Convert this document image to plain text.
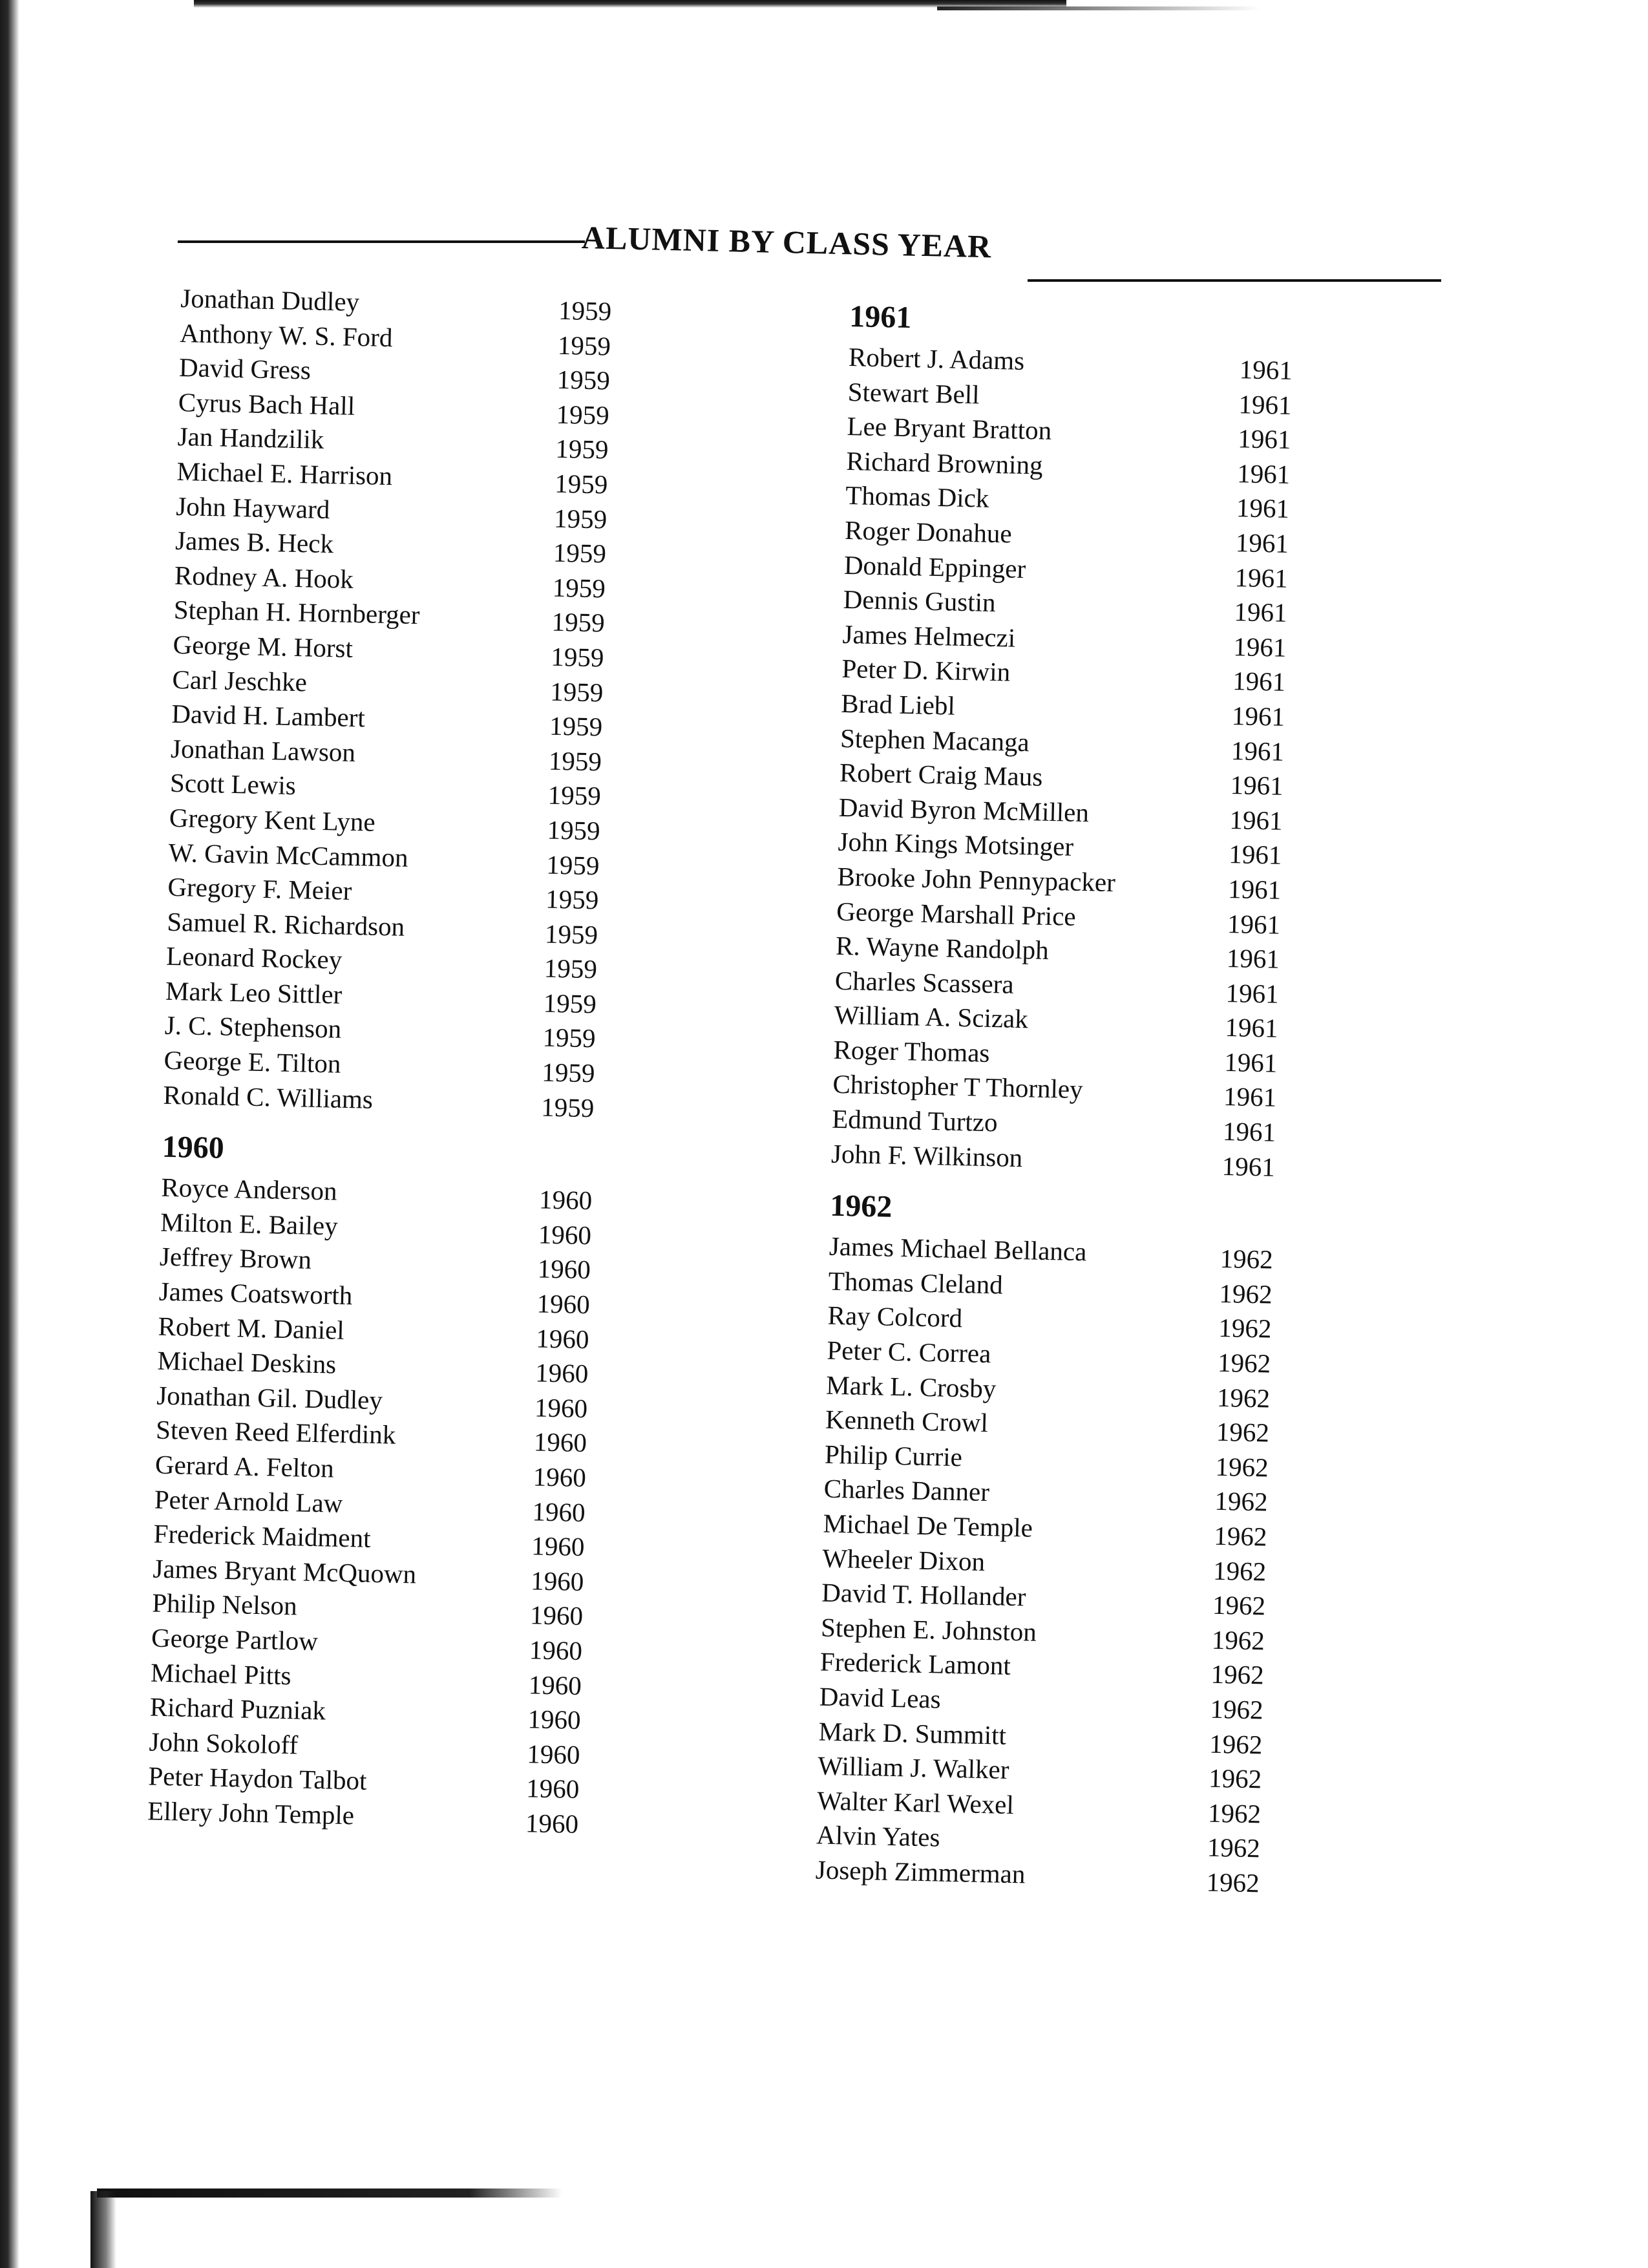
ALUMNI BY CLASS YEAR
Jonathan Dudley	1959
Anthony W. S. Ford	1959
David Gress	1959
Cyrus Bach Hall	1959
Jan Handzilik	1959
Michael E. Harrison	1959
John Hayward	1959
James B. Heck	1959
Rodney A. Hook	1959
Stephan H. Hornberger	1959
George M. Horst	1959
Carl Jeschke	1959
David H. Lambert	1959
Jonathan Lawson	1959
Scott Lewis	1959
Gregory Kent Lyne	1959
W. Gavin McCammon	1959
Gregory F. Meier	1959
Samuel R. Richardson	1959
Leonard Rockey	1959
Mark Leo Sittler	1959
J. C. Stephenson	1959
George E. Tilton	1959
Ronald C. Williams	1959
1960
Royce Anderson	1960
Milton E. Bailey	1960
Jeffrey Brown	1960
James Coatsworth	1960
Robert M. Daniel	1960
Michael Deskins	1960
Jonathan Gil. Dudley	1960
Steven Reed Elferdink	1960
Gerard A. Felton	1960
Peter Arnold Law	1960
Frederick Maidment	1960
James Bryant McQuown	1960
Philip Nelson	1960
George Partlow	1960
Michael Pitts	1960
Richard Puzniak	1960
John Sokoloff	1960
Peter Haydon Talbot	1960
Ellery John Temple	1960
1961
Robert J. Adams	1961
Stewart Bell	1961
Lee Bryant Bratton	1961
Richard Browning	1961
Thomas Dick	1961
Roger Donahue	1961
Donald Eppinger	1961
Dennis Gustin	1961
James Helmeczi	1961
Peter D. Kirwin	1961
Brad Liebl	1961
Stephen Macanga	1961
Robert Craig Maus	1961
David Byron McMillen	1961
John Kings Motsinger	1961
Brooke John Pennypacker	1961
George Marshall Price	1961
R. Wayne Randolph	1961
Charles Scassera	1961
William A. Scizak	1961
Roger Thomas	1961
Christopher T Thornley	1961
Edmund Turtzo	1961
John F. Wilkinson	1961
1962
James Michael Bellanca	1962
Thomas Cleland	1962
Ray Colcord	1962
Peter C. Correa	1962
Mark L. Crosby	1962
Kenneth Crowl	1962
Philip Currie	1962
Charles Danner	1962
Michael De Temple	1962
Wheeler Dixon	1962
David T. Hollander	1962
Stephen E. Johnston	1962
Frederick Lamont	1962
David Leas	1962
Mark D. Summitt	1962
William J. Walker	1962
Walter Karl Wexel	1962
Alvin Yates	1962
Joseph Zimmerman	1962
